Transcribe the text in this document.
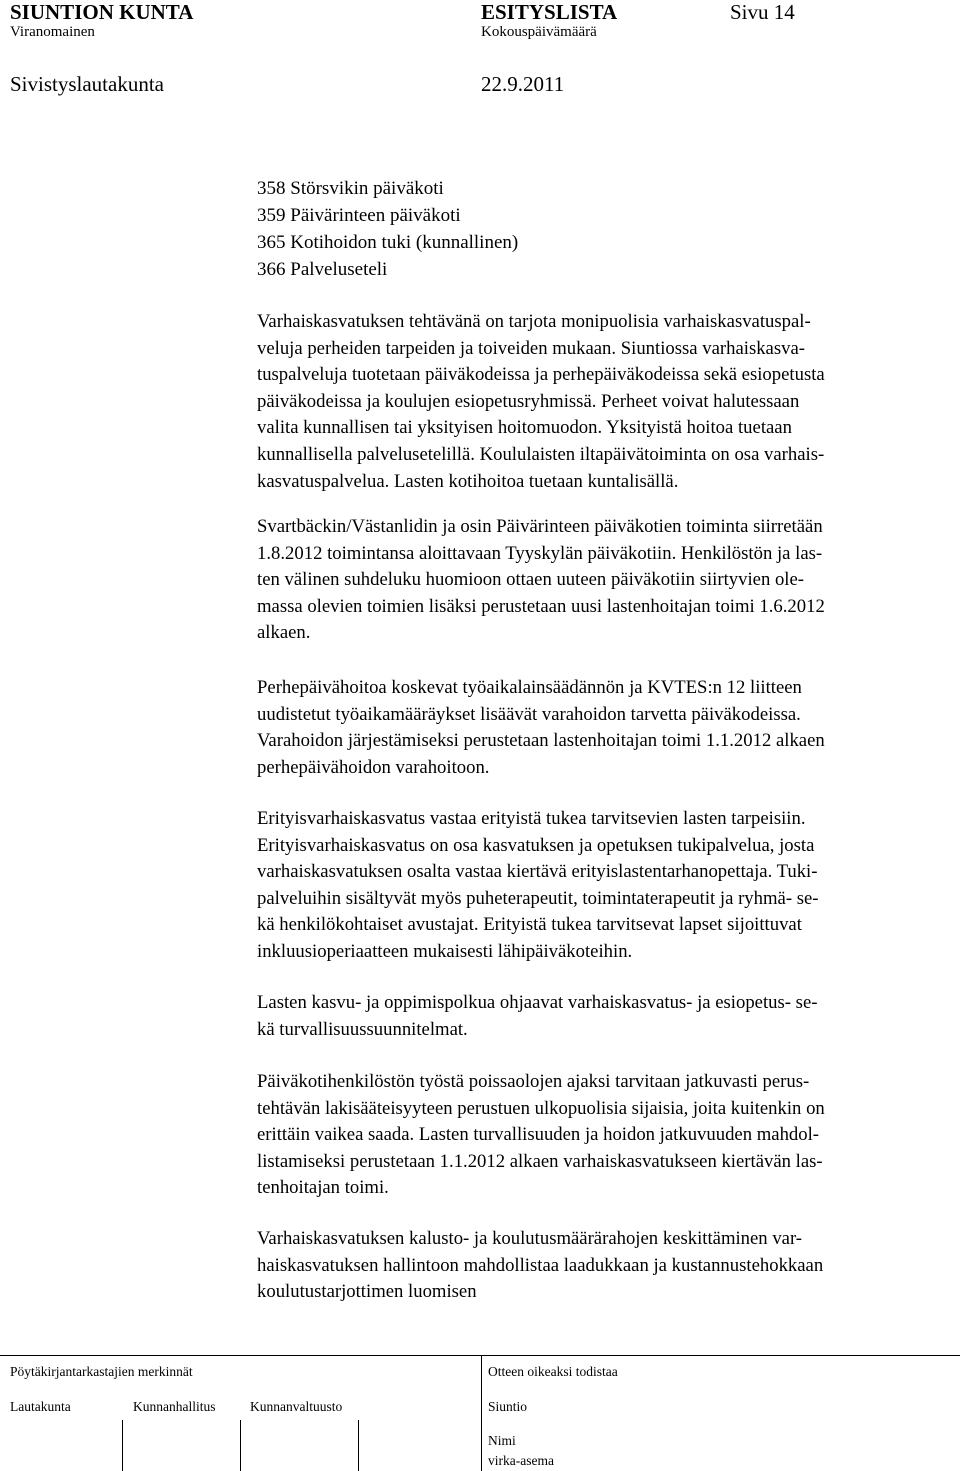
SIUNTION KUNTA
Viranomainen
ESITYSLISTA
Kokouspäivämäärä
Sivu 14
Sivistyslautakunta	22.9.2011
358 Störsvikin päiväkoti
359 Päivärinteen päiväkoti
365 Kotihoidon tuki (kunnallinen)
366 Palveluseteli

Varhaiskasvatuksen tehtävänä on tarjota monipuolisia varhaiskasvatuspal-

veluja perheiden tarpeiden ja toiveiden mukaan. Siuntiossa varhaiskasva-

tuspalveluja tuotetaan päiväkodeissa ja perhepäiväkodeissa sekä esiopetusta

päiväkodeissa ja koulujen esiopetusryhmissä. Perheet voivat halutessaan

valita kunnallisen tai yksityisen hoitomuodon. Yksityistä hoitoa tuetaan

kunnallisella palvelusetelillä. Koululaisten iltapäivätoiminta on osa varhais-

kasvatuspalvelua. Lasten kotihoitoa tuetaan kuntalisällä.

Svartbäckin/Västanlidin ja osin Päivärinteen päiväkotien toiminta siirretään

1.8.2012 toimintansa aloittavaan Tyyskylän päiväkotiin. Henkilöstön ja las-

ten välinen suhdeluku huomioon ottaen uuteen päiväkotiin siirtyvien ole-

massa olevien toimien lisäksi perustetaan uusi lastenhoitajan toimi 1.6.2012

alkaen.

Perhepäivähoitoa koskevat työaikalainsäädännön ja KVTES:n 12 liitteen

uudistetut työaikamääräykset lisäävät varahoidon tarvetta päiväkodeissa.

Varahoidon järjestämiseksi perustetaan lastenhoitajan toimi 1.1.2012 alkaen

perhepäivähoidon varahoitoon.

Erityisvarhaiskasvatus vastaa erityistä tukea tarvitsevien lasten tarpeisiin.

Erityisvarhaiskasvatus on osa kasvatuksen ja opetuksen tukipalvelua, josta

varhaiskasvatuksen osalta vastaa kiertävä erityislastentarhanopettaja. Tuki-

palveluihin sisältyvät myös puheterapeutit, toimintaterapeutit ja ryhmä- se-

kä henkilökohtaiset avustajat. Erityistä tukea tarvitsevat lapset sijoittuvat

inkluusioperiaatteen mukaisesti lähipäiväkoteihin.

Lasten kasvu- ja oppimispolkua ohjaavat varhaiskasvatus- ja esiopetus- se-

kä turvallisuussuunnitelmat.

Päiväkotihenkilöstön työstä poissaolojen ajaksi tarvitaan jatkuvasti perus-

tehtävän lakisääteisyyteen perustuen ulkopuolisia sijaisia, joita kuitenkin on

erittäin vaikea saada. Lasten turvallisuuden ja hoidon jatkuvuuden mahdol-

listamiseksi perustetaan 1.1.2012 alkaen varhaiskasvatukseen kiertävän las-

tenhoitajan toimi.

Varhaiskasvatuksen kalusto- ja koulutusmäärärahojen keskittäminen var-

haiskasvatuksen hallintoon mahdollistaa laadukkaan ja kustannustehokkaan

koulutustarjottimen luomisen

Pöytäkirjantarkastajien merkinnät	Otteen oikeaksi todistaa
Lautakunta	Kunnanhallitus	Kunnanvaltuusto	Siuntio
Nimi
virka-asema
